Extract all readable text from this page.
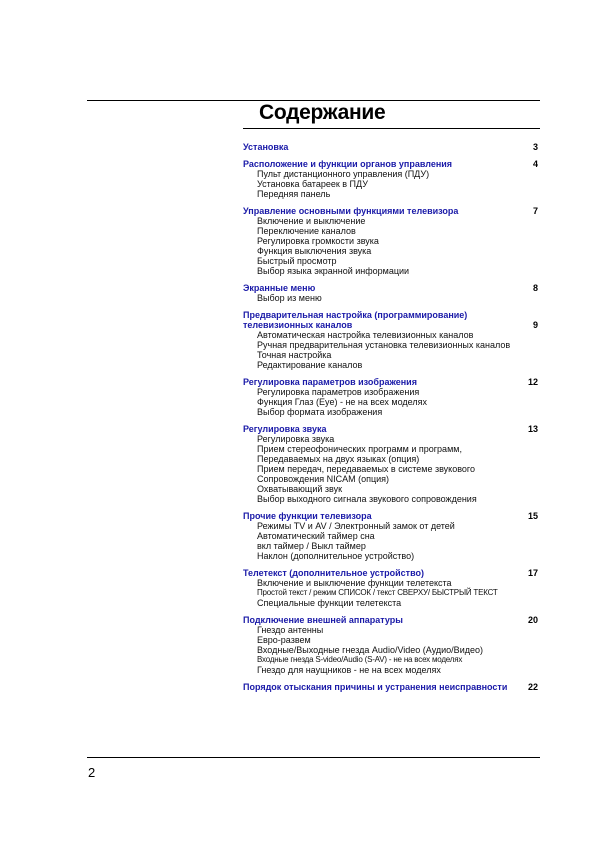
Содержание
Установка	3
Расположение и функции органов управления	4
Пульт дистанционного управления (ПДУ)
Установка батареек в ПДУ
Передняя панель
Управление основными функциями телевизора	7
Включение и выключение
Переключение каналов
Регулировка громкости звука
Функция выключения звука
Быстрый просмотр
Выбор языка экранной информации
Экранные меню	8
Выбор из меню
Предварительная настройка (программирование)
телевизионных каналов	9
Автоматическая настройка телевизионных каналов
Ручная предварительная установка телевизионных каналов
Точная настройка
Редактирование каналов
Регулировка параметров изображения	12
Регулировка параметров изображения
Функция Глаз (Eye) - не на всех моделях
Выбор формата изображения
Регулировка звука	13
Регулировка звука
Прием стереофонических программ и программ,
Передаваемых на двух языках (опция)
Прием передач, передаваемых в системе звукового
Сопровождения NICAM (опция)
Охватывающий звук
Выбор выходного сигнала звукового сопровождения
Прочие функции телевизора	15
Режимы TV и AV / Электронный замок от детей
Автоматический таймер сна
вкл таймер / Выкл таймер
Наклон (дополнительное устройство)
Телетекст (дополнительное устройство)	17
Включение и выключение функции телетекста
Простой текст / режим СПИСОК / текст СВЕРХУ/ БЫСТРЫЙ ТЕКСТ
Специальные функции телетекста
Подключение внешней аппаратуры	20
Гнездо антенны
Евро-развем
Входные/Выходные гнезда Audio/Video (Аудио/Видео)
Входные гнезда S-video/Audio (S-AV) - не на всех моделях
Гнездо для наущников - не на всех моделях
Порядок отыскания причины и устранения неисправности	22
2
